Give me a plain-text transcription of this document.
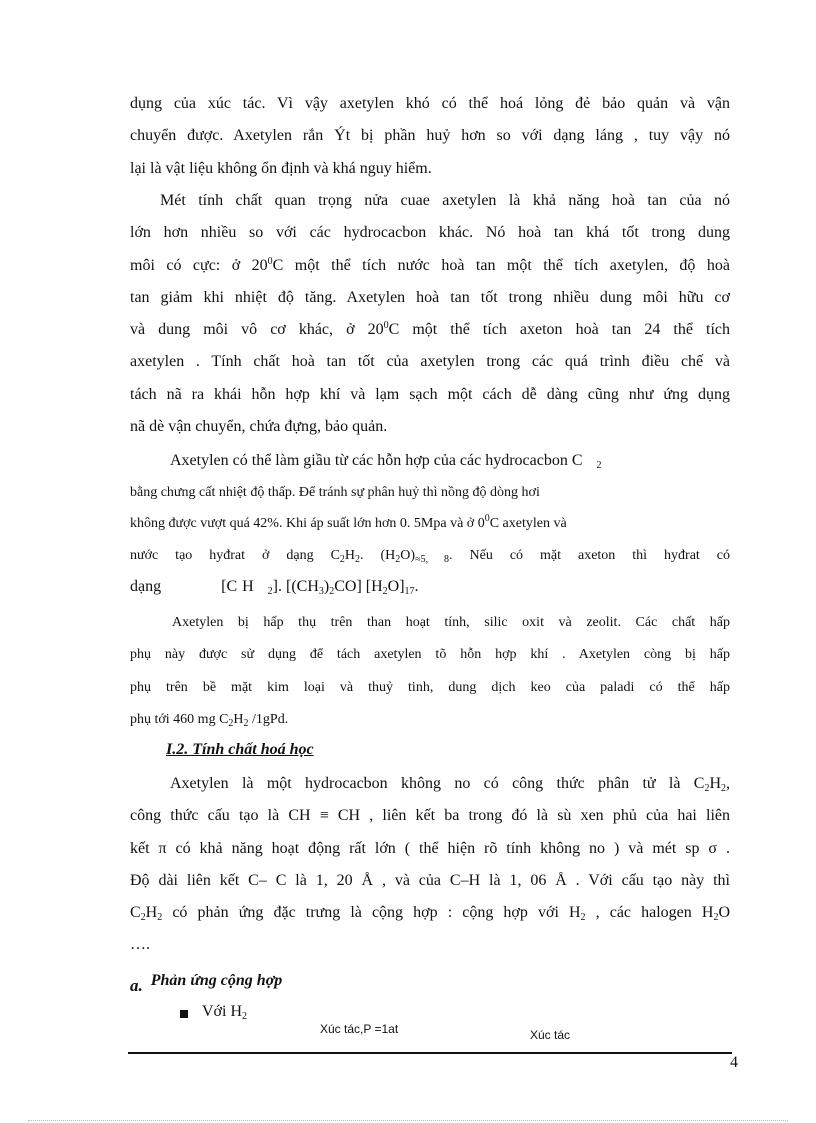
dụng của xúc tác. Vì vậy axetylen khó có thể hoá lỏng đẻ bảo quản và vận
chuyển được. Axetylen rắn Ýt bị phần huỷ hơn so với dạng láng , tuy vậy nó
lại là vật liệu không ổn định và khá nguy hiểm.
Mét tính chất quan trọng nửa cuae axetylen là khả năng hoà tan của nó
lớn hơn nhiều so với các hydrocacbon khác. Nó hoà tan khá tốt trong dung
môi có cực: ở $20^0C$ một thể tích nước hoà tan một thể tích axetylen, độ hoà
tan giảm khi nhiệt độ tăng. Axetylen hoà tan tốt trong nhiều dung môi hữu cơ
và dung môi vô cơ khác, ở $20^0C$ một thể tích axeton hoà tan 24 thể tích
axetylen . Tính chất hoà tan tốt của axetylen trong các quá trình điều chế và
tách nã ra khái hỗn hợp khí và lạm sạch một cách dễ dàng cũng như ứng dụng
nã dè vận chuyển, chứa đựng, bảo quản.
Axetylen có thể làm giầu từ các hỗn hợp của các hydrocacbon C $_2$
bằng chưng cất nhiệt độ thấp. Để tránh sự phân huỷ thì nồng độ dòng hơi
không được vượt quá 42%. Khi áp suất lớn hơn 0. 5Mpa và ở $0^0C$ axetylen và
nước tạo hyđrat ở dạng $C_2H_2$. $(H_2O)_{\approx 5, 8}$. Nếu có mặt axeton thì hyđrat có
dạng	[C H $_2$]. $[(CH_3)_2CO]$ $[H_2O]_{17}$.
Axetylen bị hấp thụ trên than hoạt tính, silic oxit và zeolit. Các chất hấp
phụ này được sử dụng để tách axetylen tõ hỗn hợp khí . Axetylen còng bị hấp
phụ trên bề mặt kim loại và thuỷ tinh, dung dịch keo của paladi có thể hấp
phụ tới 460 mg $C_2H_2$ /1gPd.
I.2. Tính chất hoá học
Axetylen là một hydrocacbon không no có công thức phân tử là $C_2H_2$,
công thức cấu tạo là CH ≡ CH , liên kết ba trong đó là sù xen phủ của hai liên
kết π có khả năng hoạt động rất lớn ( thể hiện rõ tính không no ) và mét sp σ .
Độ dài liên kết C– C là 1, 20 Å , và của C–H là 1, 06 Å . Với cấu tạo này thì
$C_2H_2$ có phản ứng đặc trưng là cộng hợp : cộng hợp với $H_2$ , các halogen $H_2O$
….
a. Phản ứng cộng hợp
Với $H_2$
Xúc tác,P =1at	Xúc tác
4
